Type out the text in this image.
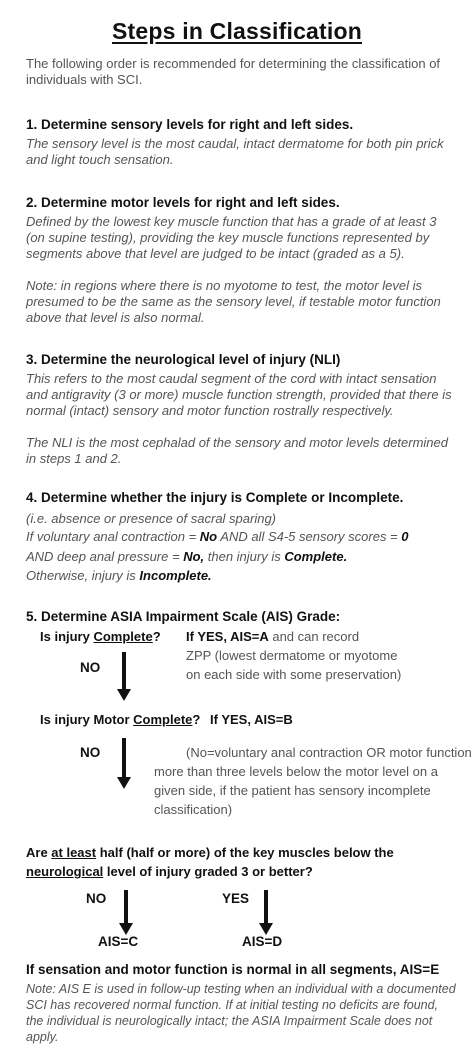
Steps in Classification
The following order is recommended for determining the classification of individuals with SCI.
1. Determine sensory levels for right and left sides.
The sensory level is the most caudal, intact dermatome for both pin prick and light touch sensation.
2. Determine motor levels for right and left sides.
Defined by the lowest key muscle function that has a grade of at least 3 (on supine testing), providing the key muscle functions represented by segments above that level are judged to be intact (graded as a 5).
Note: in regions where there is no myotome to test, the motor level is presumed to be the same as the sensory level, if testable motor function above that level is also normal.
3. Determine the neurological level of injury (NLI)
This refers to the most caudal segment of the cord with intact sensation and antigravity (3 or more) muscle function strength, provided that there is normal (intact) sensory and motor function rostrally respectively.
The NLI is the most cephalad of the sensory and motor levels determined in steps 1 and 2.
4. Determine whether the injury is Complete or Incomplete.
(i.e. absence or presence of sacral sparing)
If voluntary anal contraction = No AND all S4-5 sensory scores = 0
AND deep anal pressure = No, then injury is Complete.
Otherwise, injury is Incomplete.
5. Determine ASIA Impairment Scale (AIS) Grade:
Is injury Complete? If YES, AIS=A and can record
ZPP (lowest dermatome or myotome
on each side with some preservation)
NO
Is injury Motor Complete? If YES, AIS=B
NO	(No=voluntary anal contraction OR motor function
more than three levels below the motor level on a
given side, if the patient has sensory incomplete
classification)
Are at least half (half or more) of the key muscles below the
neurological level of injury graded 3 or better?
NO
AIS=C
YES
AIS=D
If sensation and motor function is normal in all segments, AIS=E
Note: AIS E is used in follow-up testing when an individual with a documented SCI has recovered normal function. If at initial testing no deficits are found, the individual is neurologically intact; the ASIA Impairment Scale does not apply.
